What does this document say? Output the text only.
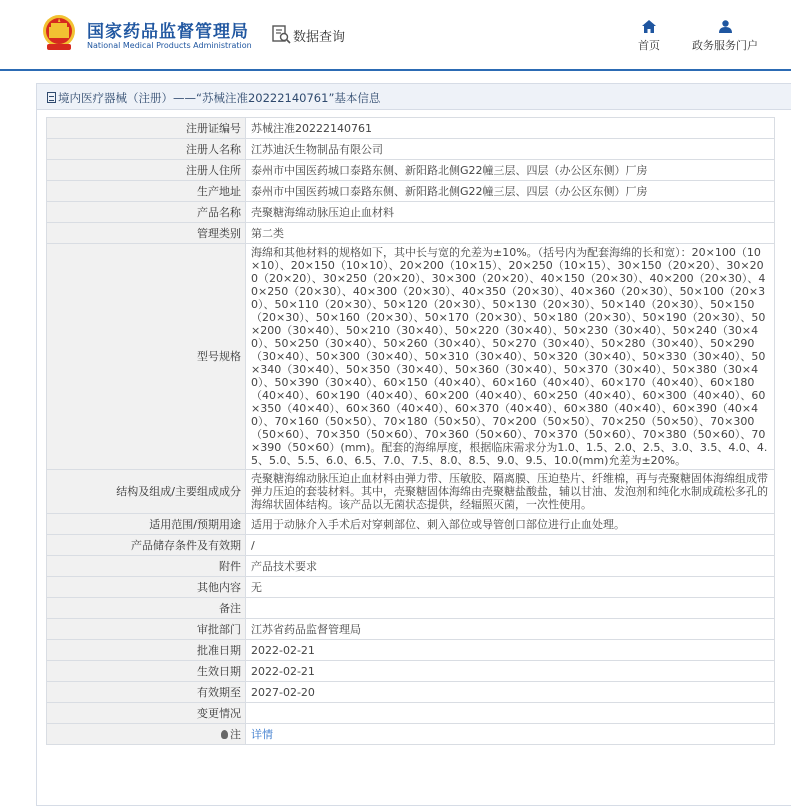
国家药品监督管理局
National Medical Products Administration
数据查询
首页	政务服务门户
境内医疗器械（注册）——“苏械注准20222140761”基本信息
注册证编号	苏械注准20222140761
注册人名称	江苏迪沃生物制品有限公司
注册人住所	泰州市中国医药城口泰路东侧、新阳路北侧G22幢三层、四层（办公区东侧）厂房
生产地址	泰州市中国医药城口泰路东侧、新阳路北侧G22幢三层、四层（办公区东侧）厂房
产品名称	壳聚糖海绵动脉压迫止血材料
管理类别	第二类
型号规格	海绵和其他材料的规格如下，其中长与宽的允差为±10%。（括号内为配套海绵的长和宽）：20×100（10×10）、20×150（10×10）、20×200（10×15）、20×250（10×15）、30×150（20×20）、30×200（20×20）、30×250（20×20）、30×300（20×20）、40×150（20×30）、40×200（20×30）、40×250（20×30）、40×300（20×30）、40×350（20×30）、40×360（20×30）、50×100（20×30）、50×110（20×30）、50×120（20×30）、50×130（20×30）、50×140（20×30）、50×150（20×30）、50×160（20×30）、50×170（20×30）、50×180（20×30）、50×190（20×30）、50×200（30×40）、50×210（30×40）、50×220（30×40）、50×230（30×40）、50×240（30×40）、50×250（30×40）、50×260（30×40）、50×270（30×40）、50×280（30×40）、50×290（30×40）、50×300（30×40）、50×310（30×40）、50×320（30×40）、50×330（30×40）、50×340（30×40）、50×350（30×40）、50×360（30×40）、50×370（30×40）、50×380（30×40）、50×390（30×40）、60×150（40×40）、60×160（40×40）、60×170（40×40）、60×180（40×40）、60×190（40×40）、60×200（40×40）、60×250（40×40）、60×300（40×40）、60×350（40×40）、60×360（40×40）、60×370（40×40）、60×380（40×40）、60×390（40×40）、70×160（50×50）、70×180（50×50）、70×200（50×50）、70×250（50×50）、70×300（50×60）、70×350（50×60）、70×360（50×60）、70×370（50×60）、70×380（50×60）、70×390（50×60）(mm)。配套的海绵厚度，根据临床需求分为1.0、1.5、2.0、2.5、3.0、3.5、4.0、4.5、5.0、5.5、6.0、6.5、7.0、7.5、8.0、8.5、9.0、9.5、10.0(mm)允差为±20%。
结构及组成/主要组成成分	壳聚糖海绵动脉压迫止血材料由弹力带、压敏胶、隔离膜、压迫垫片、纤维棉，再与壳聚糖固体海绵组成带弹力压迫的套装材料。其中，壳聚糖固体海绵由壳聚糖盐酸盐，辅以甘油、发泡剂和纯化水制成疏松多孔的海绵状固体结构。该产品以无菌状态提供，经辐照灭菌，一次性使用。
适用范围/预期用途	适用于动脉介入手术后对穿刺部位、刺入部位或导管创口部位进行止血处理。
产品储存条件及有效期	/
附件	产品技术要求
其他内容	无
备注	
审批部门	江苏省药品监督管理局
批准日期	2022-02-21
生效日期	2022-02-21
有效期至	2027-02-20
变更情况	
注	详情
